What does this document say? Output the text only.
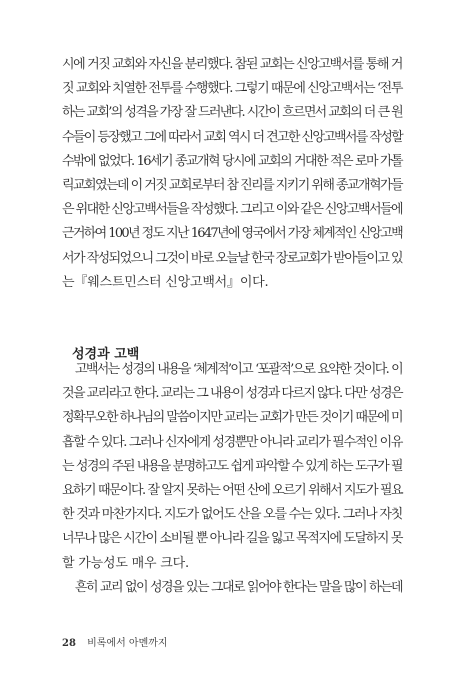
시에 거짓 교회와 자신을 분리했다. 참된 교회는 신앙고백서를 통해 거
짓 교회와 치열한 전투를 수행했다. 그렇기 때문에 신앙고백서는 ‘전투
하는 교회’의 성격을 가장 잘 드러낸다. 시간이 흐르면서 교회의 더 큰 원
수들이 등장했고 그에 따라서 교회 역시 더 견고한 신앙고백서를 작성할
수밖에 없었다. 16세기 종교개혁 당시에 교회의 거대한 적은 로마 가톨
릭교회였는데 이 거짓 교회로부터 참 진리를 지키기 위해 종교개혁가들
은 위대한 신앙고백서들을 작성했다. 그리고 이와 같은 신앙고백서들에
근거하여 100년 정도 지난 1647년에 영국에서 가장 체계적인 신앙고백
서가 작성되었으니 그것이 바로 오늘날 한국 장로교회가 받아들이고 있
는『웨스트민스터 신앙고백서』이다.
성경과 고백
고백서는 성경의 내용을 ‘체계적’이고 ‘포괄적’으로 요약한 것이다. 이
것을 교리라고 한다. 교리는 그 내용이 성경과 다르지 않다. 다만 성경은
정확무오한 하나님의 말씀이지만 교리는 교회가 만든 것이기 때문에 미
흡할 수 있다. 그러나 신자에게 성경뿐만 아니라 교리가 필수적인 이유
는 성경의 주된 내용을 분명하고도 쉽게 파악할 수 있게 하는 도구가 필
요하기 때문이다. 잘 알지 못하는 어떤 산에 오르기 위해서 지도가 필요
한 것과 마찬가지다. 지도가 없어도 산을 오를 수는 있다. 그러나 자칫
너무나 많은 시간이 소비될 뿐 아니라 길을 잃고 목적지에 도달하지 못
할 가능성도 매우 크다.
흔히 교리 없이 성경을 있는 그대로 읽어야 한다는 말을 많이 하는데
28 비록에서 아멘까지
